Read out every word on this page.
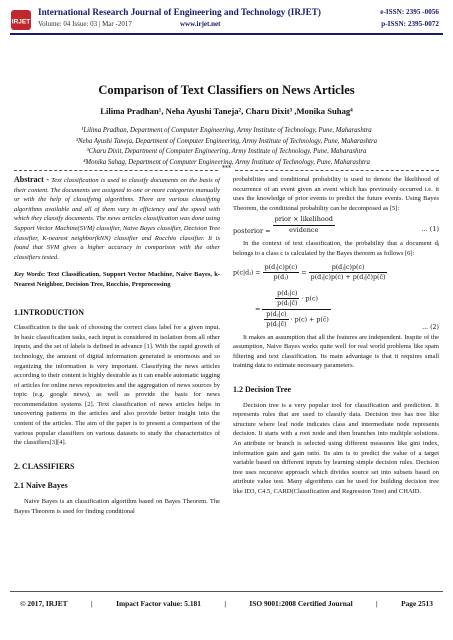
IRJET
International Research Journal of Engineering and Technology (IRJET)
Volume: 04 Issue: 03 | Mar -2017	www.irjet.net
e-ISSN: 2395 -0056
p-ISSN: 2395-0072
Comparison of Text Classifiers on News Articles
Lilima Pradhan¹, Neha Ayushi Taneja², Charu Dixit³ ,Monika Suhag⁴
¹Lilima Pradhan, Department of Computer Engineering, Army Institute of Technology, Pune, Maharashtra
²Neha Ayushi Taneja, Department of Computer Engineering, Army Institute of Technology, Pune, Maharashtra
³Charu Dixit, Department of Computer Engineering, Army Institute of Technology, Pune, Maharashtra
⁴Monika Suhag, Department of Computer Engineering, Army Institute of Technology, Pune, Maharashtra
***

Abstract - Text classification is used to classify documents on the basis of their content. The documents are assigned to one or more categories manually or with the help of classifying algorithms. There are various classifying algorithms available and all of them vary in efficiency and the speed with which they classify documents. The news articles classification was done using Support Vector Machine(SVM) classifier, Naive Bayes classifier, Decision Tree classifier, K-nearest neighbor(kNN) classifier and Rocchio classifier. It is found that SVM gives a higher accuracy in comparison with the other classifiers tested.

Key Words: Text Classification, Support Vector Machine, Naive Bayes, k-Nearest Neighbor, Decision Tree, Rocchio, Preprocessing

1.INTRODUCTION

Classification is the task of choosing the correct class label for a given input. In basic classification tasks, each input is considered in isolation from all other inputs, and the set of labels is defined in advance [1]. With the rapid growth of technology, the amount of digital information generated is enormous and so organizing the information is very important. Classifying the news articles according to their content is highly desirable as it can enable automatic tagging of articles for online news repositories and the aggregation of news sources by topic (e.g. google news), as well as provide the basis for news recommendation systems [2]. Text classification of news articles helps in uncovering patterns in the articles and also provide better insight into the content of the articles. The aim of the paper is to present a comparison of the various popular classifiers on various datasets to study the characteristics of the classifiers[3][4].

2. CLASSIFIERS
2.1 Naive Bayes

Naive Bayes is an classification algorithm based on Bayes Theorem. The Bayes Theorem is used for finding conditional

probabilities and conditional probability is used to denote the likelihood of occurrence of an event given an event which has previously occurred i.e. it uses the knowledge of prior events to predict the future events. Using Bayes Theorem, the conditional probability can be decomposed as [5]:

posterior = $\frac{\text{prior × likelihood}}{\text{evidence}}$	... (1)

In the context of text classification, the probability that a document dⱼ belongs to a class c is calculated by the Bayes theorem as follows [6]:

p(c|dⱼ) = $\frac{\text{p(dⱼ|c)p(c)}}{\text{p(dⱼ)}} = \frac{\text{p(dⱼ|c)p(c)}}{\text{p(dⱼ|c)p(c) + p(dⱼ|c̄)p(c̄)}}$
= $\frac{\frac{\text{p(dⱼ|c)}}{\text{p(dⱼ|c̄)}} \cdot p(c)}{\frac{\text{p(dⱼ|c)}}{\text{p(dⱼ|c̄)}} \cdot p(c) + p(c̄)}$	... (2)

It makes an assumption that all the features are independent. Inspite of the assumption, Naive Bayes works quite well for real world problems like spam filtering and text classification. Its main advantage is that it requires small training data to estimate necessary parameters.

1.2 Decision Tree

Decision tree is a very popular tool for classification and prediction. It represents rules that are used to classify data. Decision tree has tree like structure where leaf node indicates class and intermediate node represents decision. It starts with a root node and then branches into multiple solutions. An attribute or branch is selected using different measures like gini index, information gain and gain ratio. Its aim is to predict the value of a target variable based on different inputs by learning simple decision rules. Decision tree uses recursive approach which divides source set into subsets based on attribute value test. Many algorithms can be used for building decision tree like ID3, C4.5, CARD(Classification and Regression Tree) and CHAID.

© 2017, IRJET	|	Impact Factor value: 5.181	|	ISO 9001:2008 Certified Journal	|	Page 2513
